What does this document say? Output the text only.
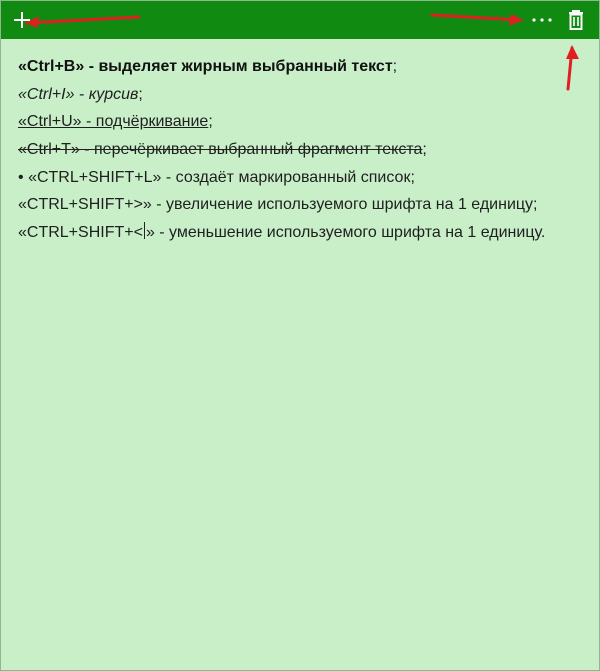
«Ctrl+B» - выделяет жирным выбранный текст;
«Ctrl+I» - курсив;
«Ctrl+U» - подчёркивание;
«Ctrl+T» - перечёркивает выбранный фрагмент текста;
• «CTRL+SHIFT+L» - создаёт маркированный список;
«CTRL+SHIFT+>» - увеличение используемого шрифта на 1 единицу;
«CTRL+SHIFT+< » - уменьшение используемого шрифта на 1 единицу.
